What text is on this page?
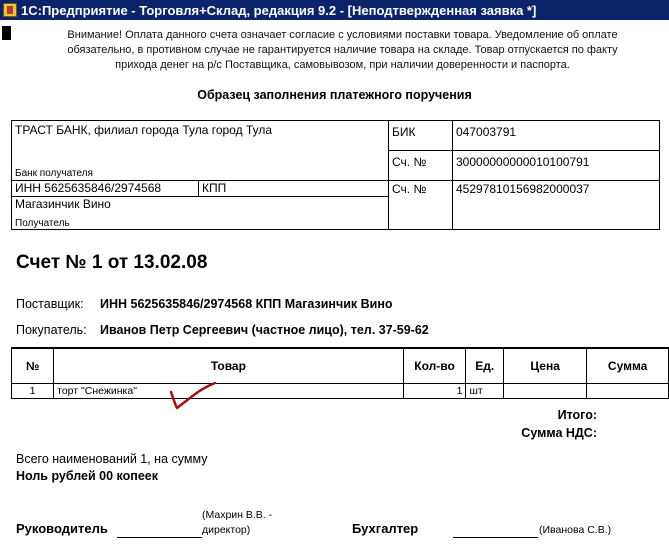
1С:Предприятие - Торговля+Склад, редакция 9.2 - [Неподтвержденная заявка *]
Внимание! Оплата данного счета означает согласие с условиями поставки товара. Уведомление об оплате
обязательно, в противном случае не гарантируется наличие товара на складе. Товар отпускается по факту
прихода денег на р/с Поставщика, самовывозом, при наличии доверенности и паспорта.
Образец заполнения платежного поручения
ТРАСТ БАНК, филиал города Тула город Тула
Банк получателя		БИК	047003791
		Сч. №	30000000000010100791
ИНН 5625635846/2974568	КПП	Сч. №	45297810156982000037

Магазинчик Вино
Получатель			
Счет № 1 от 13.02.08
Поставщик: ИНН 5625635846/2974568 КПП Магазинчик Вино
Покупатель: Иванов Петр Сергеевич (частное лицо), тел. 37-59-62
№	Товар	Кол-во	Ед.	Цена	Сумма
1	торт "Снежинка"	1	шт		
Итого:
Сумма НДС:
Всего наименований 1, на сумму
Ноль рублей 00 копеек
(Махрин В.В. -
директор)
Руководитель	Бухгалтер	(Иванова С.В.)
